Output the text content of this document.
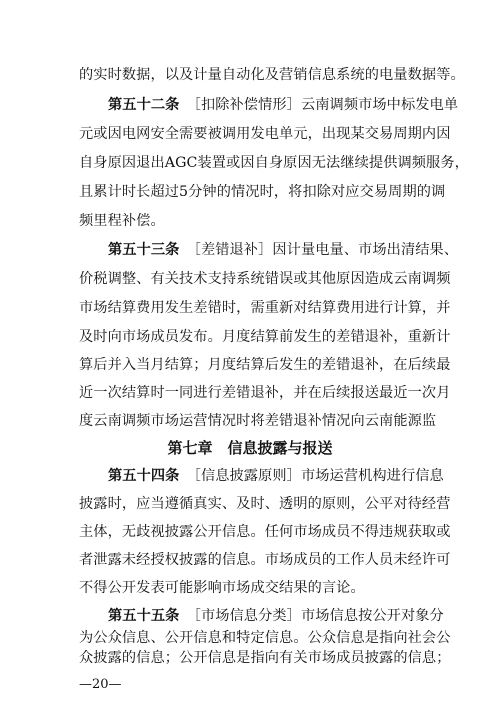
的实时数据，以及计量自动化及营销信息系统的电量数据等。
第五十二条　 ［扣除补偿情形］云南调频市场中标发电单
元或因电网安全需要被调用发电单元，出现某交易周期内因
自身原因退出AGC装置或因自身原因无法继续提供调频服务，
且累计时长超过5分钟的情况时，将扣除对应交易周期的调
频里程补偿。
第五十三条　 ［差错退补］因计量电量、市场出清结果、
价税调整、有关技术支持系统错误或其他原因造成云南调频
市场结算费用发生差错时，需重新对结算费用进行计算，并
及时向市场成员发布。月度结算前发生的差错退补，重新计
算后并入当月结算；月度结算后发生的差错退补，在后续最
近一次结算时一同进行差错退补，并在后续报送最近一次月
度云南调频市场运营情况时将差错退补情况向云南能源监
第七章　信息披露与报送
第五十四条　 ［信息披露原则］市场运营机构进行信息
披露时，应当遵循真实、及时、透明的原则，公平对待经营
主体，无歧视披露公开信息。任何市场成员不得违规获取或
者泄露未经授权披露的信息。市场成员的工作人员未经许可
不得公开发表可能影响市场成交结果的言论。
第五十五条　 ［市场信息分类］市场信息按公开对象分
为公众信息、公开信息和特定信息。公众信息是指向社会公
众披露的信息；公开信息是指向有关市场成员披露的信息；
—20—
